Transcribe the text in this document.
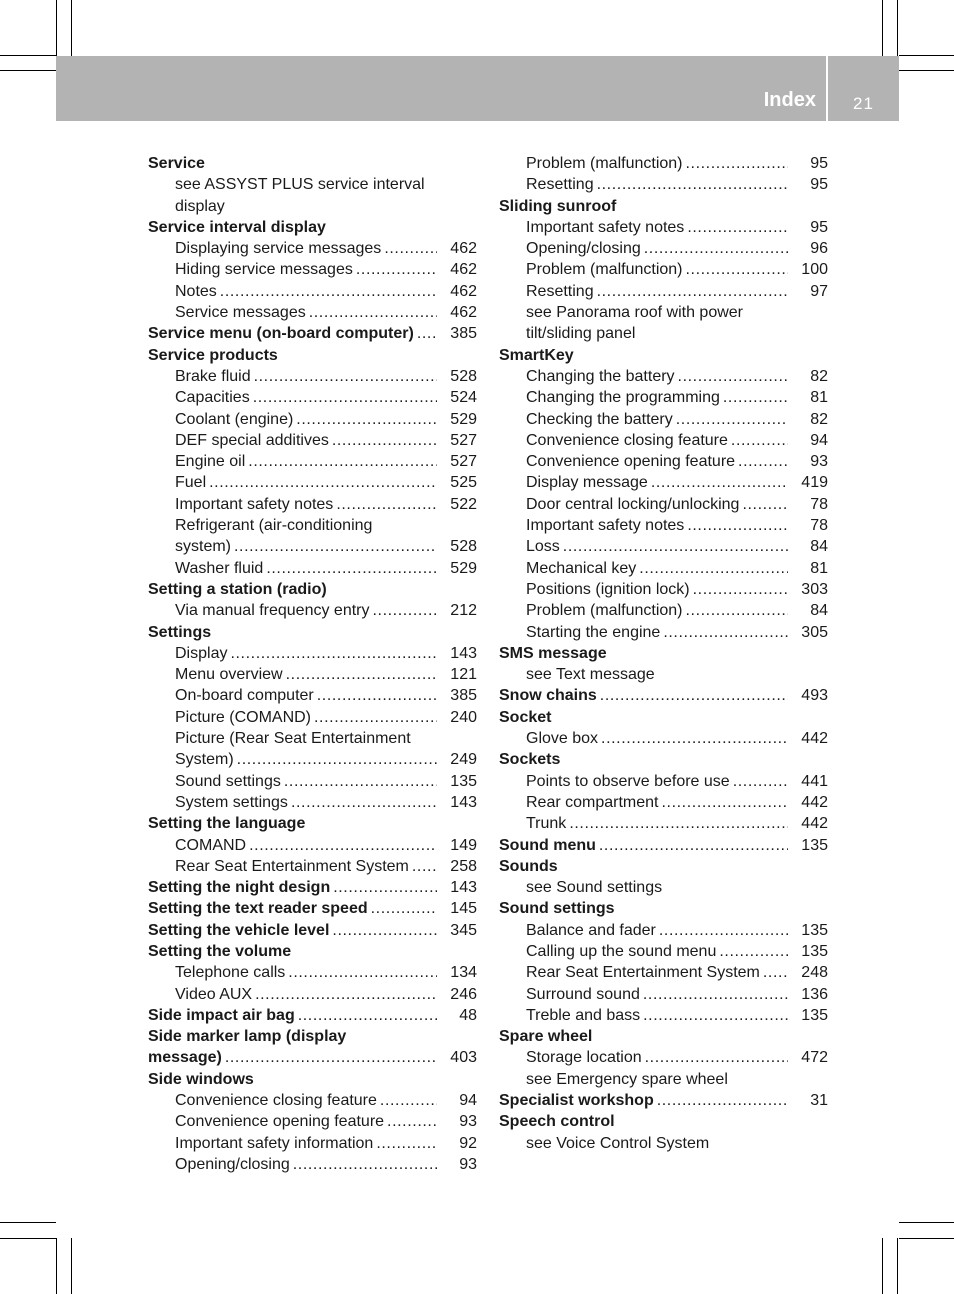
Index	21
Service
see ASSYST PLUS service interval
display
Service interval display
Displaying service messages .....	462
Hiding service messages .....	462
Notes .....	462
Service messages .....	462
Service menu (on-board computer) .....	385
Service products
Brake fluid .....	528
Capacities .....	524
Coolant (engine) .....	529
DEF special additives .....	527
Engine oil .....	527
Fuel .....	525
Important safety notes .....	522
Refrigerant (air-conditioning
system) .....	528
Washer fluid .....	529
Setting a station (radio)
Via manual frequency entry .....	212
Settings
Display .....	143
Menu overview .....	121
On-board computer .....	385
Picture (COMAND) .....	240
Picture (Rear Seat Entertainment
System) .....	249
Sound settings .....	135
System settings .....	143
Setting the language
COMAND .....	149
Rear Seat Entertainment System .....	258
Setting the night design .....	143
Setting the text reader speed .....	145
Setting the vehicle level .....	345
Setting the volume
Telephone calls .....	134
Video AUX .....	246
Side impact air bag .....	48
Side marker lamp (display
message) .....	403
Side windows
Convenience closing feature .....	94
Convenience opening feature .....	93
Important safety information .....	92
Opening/closing .....	93
Problem (malfunction) .....	95
Resetting .....	95
Sliding sunroof
Important safety notes .....	95
Opening/closing .....	96
Problem (malfunction) .....	100
Resetting .....	97
see Panorama roof with power
tilt/sliding panel
SmartKey
Changing the battery .....	82
Changing the programming .....	81
Checking the battery .....	82
Convenience closing feature .....	94
Convenience opening feature .....	93
Display message .....	419
Door central locking/unlocking .....	78
Important safety notes .....	78
Loss .....	84
Mechanical key .....	81
Positions (ignition lock) .....	303
Problem (malfunction) .....	84
Starting the engine .....	305
SMS message
see Text message
Snow chains .....	493
Socket
Glove box .....	442
Sockets
Points to observe before use .....	441
Rear compartment .....	442
Trunk .....	442
Sound menu .....	135
Sounds
see Sound settings
Sound settings
Balance and fader .....	135
Calling up the sound menu .....	135
Rear Seat Entertainment System .....	248
Surround sound .....	136
Treble and bass .....	135
Spare wheel
Storage location .....	472
see Emergency spare wheel
Specialist workshop .....	31
Speech control
see Voice Control System
